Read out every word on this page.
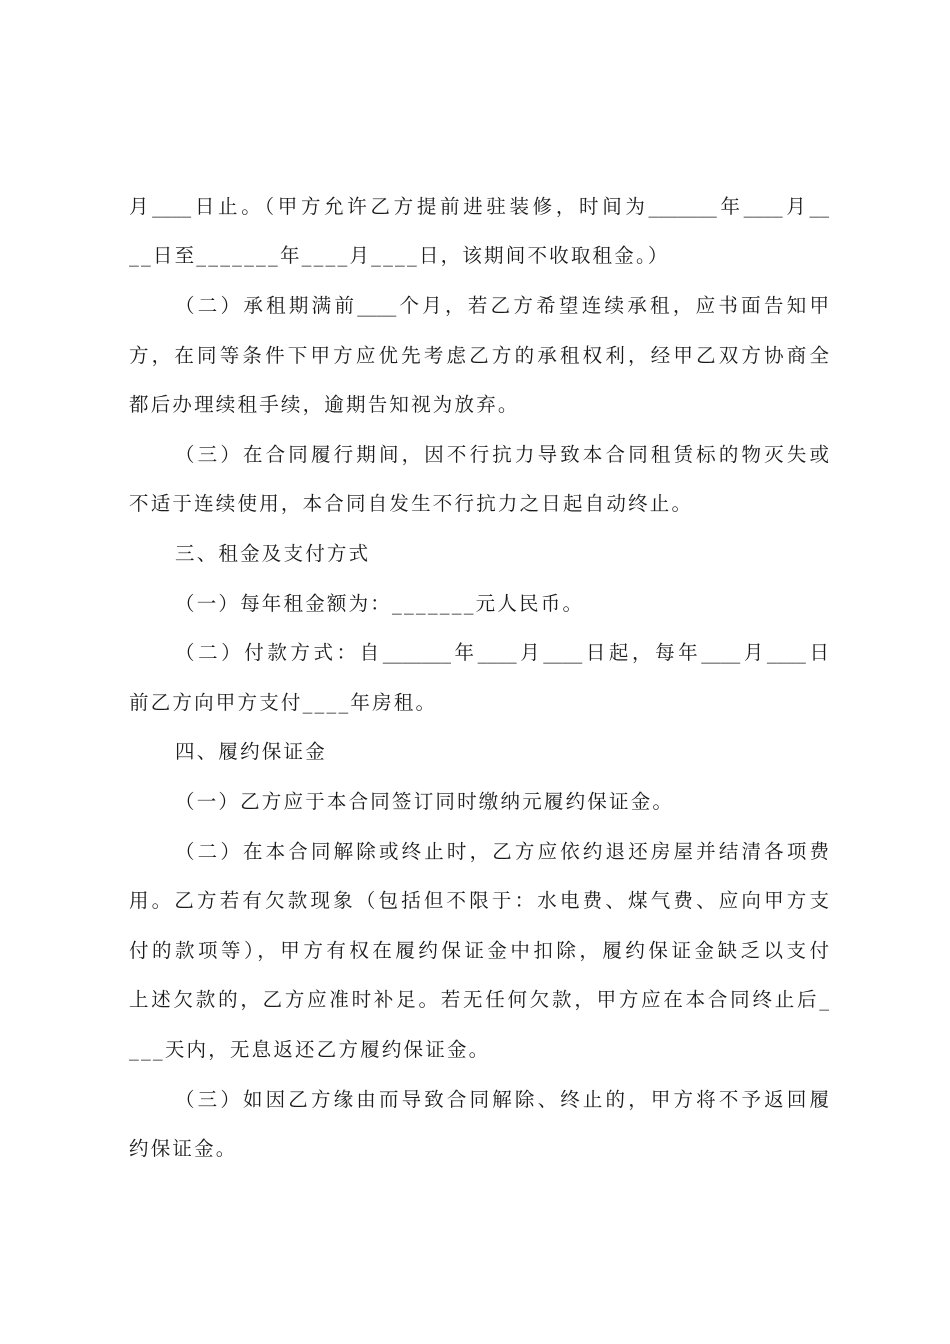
月____日止。（甲方允许乙方提前进驻装修，时间为_______年____月__

__日至_______年____月____日，该期间不收取租金。）

（二）承租期满前____个月，若乙方希望连续承租，应书面告知甲

方，在同等条件下甲方应优先考虑乙方的承租权利，经甲乙双方协商全

都后办理续租手续，逾期告知视为放弃。

（三）在合同履行期间，因不行抗力导致本合同租赁标的物灭失或

不适于连续使用，本合同自发生不行抗力之日起自动终止。

三、租金及支付方式

（一）每年租金额为：_______元人民币。

（二）付款方式：自_______年____月____日起，每年____月____日

前乙方向甲方支付____年房租。

四、履约保证金

（一）乙方应于本合同签订同时缴纳元履约保证金。

（二）在本合同解除或终止时，乙方应依约退还房屋并结清各项费

用。乙方若有欠款现象（包括但不限于：水电费、煤气费、应向甲方支

付的款项等），甲方有权在履约保证金中扣除，履约保证金缺乏以支付

上述欠款的，乙方应准时补足。若无任何欠款，甲方应在本合同终止后_

___天内，无息返还乙方履约保证金。

（三）如因乙方缘由而导致合同解除、终止的，甲方将不予返回履

约保证金。
